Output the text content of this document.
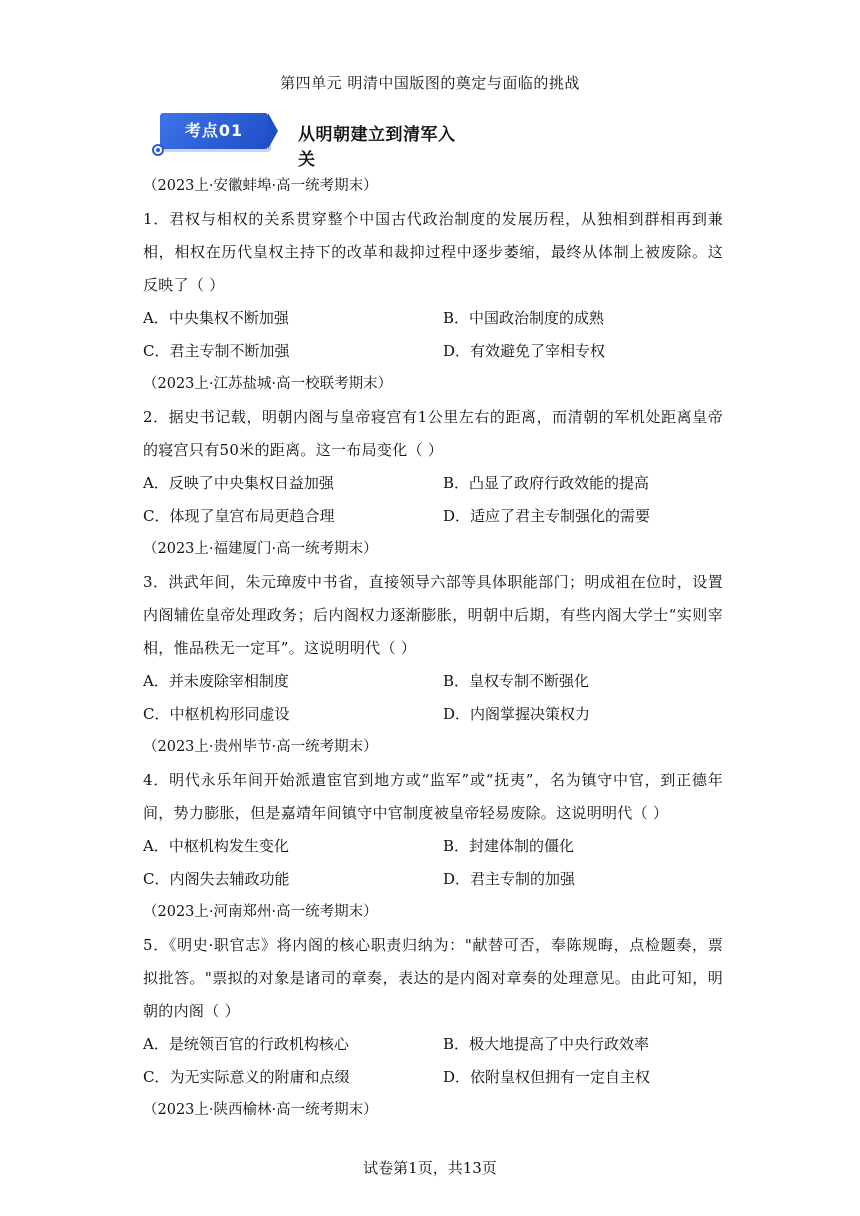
第四单元 明清中国版图的奠定与面临的挑战
考点01	从明朝建立到清军入关

（2023上·安徽蚌埠·高一统考期末）

1．君权与相权的关系贯穿整个中国古代政治制度的发展历程，从独相到群相再到兼相，相权在历代皇权主持下的改革和裁抑过程中逐步萎缩，最终从体制上被废除。这反映了（ ）

A．中央集权不断加强	B．中国政治制度的成熟
C．君主专制不断加强	D．有效避免了宰相专权

（2023上·江苏盐城·高一校联考期末）

2．据史书记载，明朝内阁与皇帝寝宫有1公里左右的距离，而清朝的军机处距离皇帝的寝宫只有50米的距离。这一布局变化（ ）

A．反映了中央集权日益加强	B．凸显了政府行政效能的提高
C．体现了皇宫布局更趋合理	D．适应了君主专制强化的需要

（2023上·福建厦门·高一统考期末）

3．洪武年间，朱元璋废中书省，直接领导六部等具体职能部门；明成祖在位时，设置内阁辅佐皇帝处理政务；后内阁权力逐渐膨胀，明朝中后期，有些内阁大学士“实则宰相，惟品秩无一定耳”。这说明明代（ ）

A．并未废除宰相制度	B．皇权专制不断强化
C．中枢机构形同虚设	D．内阁掌握决策权力

（2023上·贵州毕节·高一统考期末）

4．明代永乐年间开始派遣宦官到地方或“监军”或“抚夷”，名为镇守中官，到正德年间，势力膨胀，但是嘉靖年间镇守中官制度被皇帝轻易废除。这说明明代（ ）

A．中枢机构发生变化	B．封建体制的僵化
C．内阁失去辅政功能	D．君主专制的加强

（2023上·河南郑州·高一统考期末）

5．《明史·职官志》将内阁的核心职责归纳为："献替可否，奉陈规晦，点检题奏，票拟批答。"票拟的对象是诸司的章奏，表达的是内阁对章奏的处理意见。由此可知，明朝的内阁（ ）

A．是统领百官的行政机构核心	B．极大地提高了中央行政效率
C．为无实际意义的附庸和点缀	D．依附皇权但拥有一定自主权

（2023上·陕西榆林·高一统考期末）

试卷第1页，共13页
